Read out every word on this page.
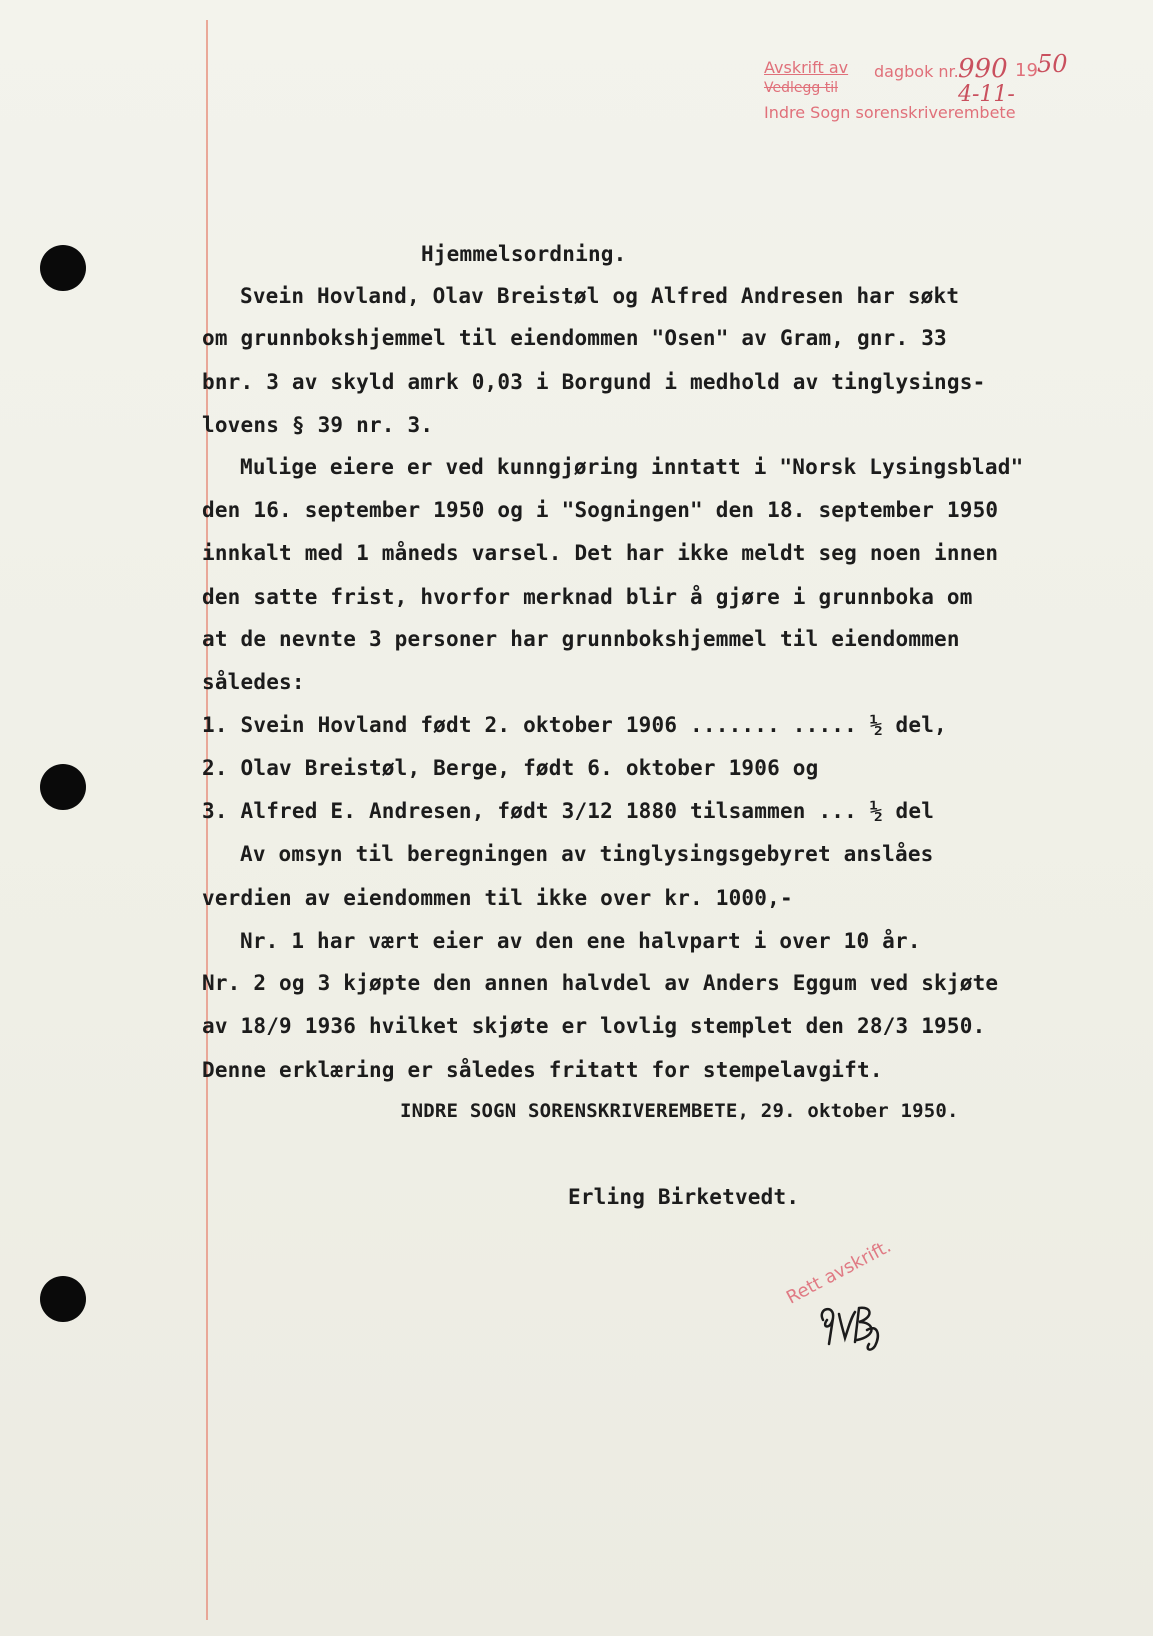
Avskrift av
Vedlegg til
Indre Sogn sorenskriverembete
dagbok nr. 990 19 50
4-11-
Hjemmelsordning.
Svein Hovland, Olav Breistøl og Alfred Andresen har søkt
om grunnbokshjemmel til eiendommen "Osen" av Gram, gnr. 33
bnr. 3 av skyld amrk 0,03 i Borgund i medhold av tinglysings-
lovens § 39 nr. 3.
Mulige eiere er ved kunngjøring inntatt i "Norsk Lysingsblad"
den 16. september 1950 og i "Sogningen" den 18. september 1950
innkalt med 1 måneds varsel. Det har ikke meldt seg noen innen
den satte frist, hvorfor merknad blir å gjøre i grunnboka om
at de nevnte 3 personer har grunnbokshjemmel til eiendommen
således:
1. Svein Hovland født 2. oktober 1906 ....... ..... ½ del,
2. Olav Breistøl, Berge, født 6. oktober 1906 og
3. Alfred E. Andresen, født 3/12 1880 tilsammen ... ½ del
Av omsyn til beregningen av tinglysingsgebyret anslåes
verdien av eiendommen til ikke over kr. 1000,-
Nr. 1 har vært eier av den ene halvpart i over 10 år.
Nr. 2 og 3 kjøpte den annen halvdel av Anders Eggum ved skjøte
av 18/9 1936 hvilket skjøte er lovlig stemplet den 28/3 1950.
Denne erklæring er således fritatt for stempelavgift.
INDRE SOGN SORENSKRIVEREMBETE, 29. oktober 1950.
Erling Birketvedt.
Rett avskrift.
